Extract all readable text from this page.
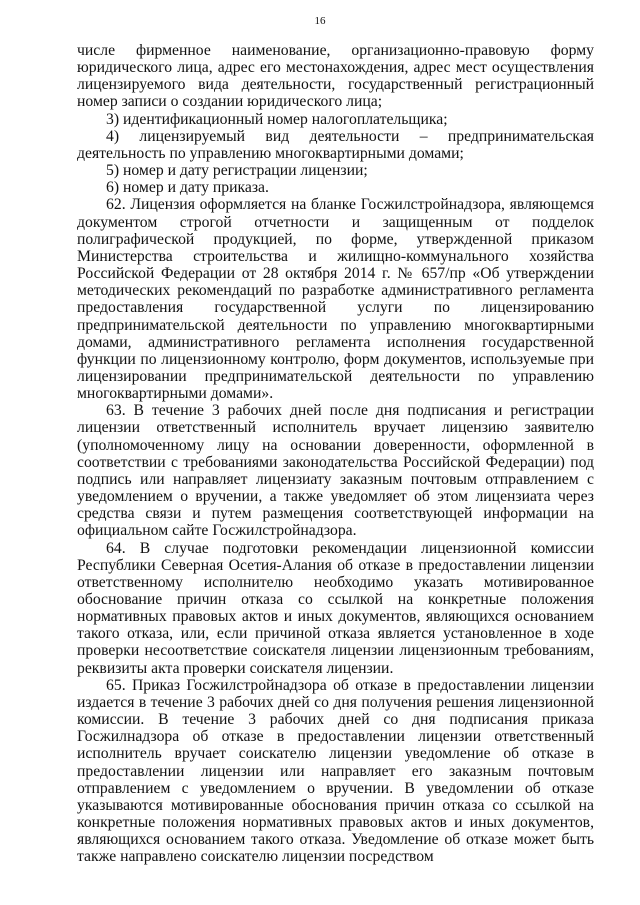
16

числе фирменное наименование, организационно-правовую форму юридического лица, адрес его местонахождения, адрес мест осуществления лицензируемого вида деятельности, государственный регистрационный номер записи о создании юридического лица;

3) идентификационный номер налогоплательщика;

4) лицензируемый вид деятельности – предпринимательская деятельность по управлению многоквартирными домами;

5) номер и дату регистрации лицензии;

6) номер и дату приказа.

62. Лицензия оформляется на бланке Госжилстройнадзора, являющемся документом строгой отчетности и защищенным от подделок полиграфической продукцией, по форме, утвержденной приказом Министерства строительства и жилищно-коммунального хозяйства Российской Федерации от 28 октября 2014 г. № 657/пр «Об утверждении методических рекомендаций по разработке административного регламента предоставления государственной услуги по лицензированию предпринимательской деятельности по управлению многоквартирными домами, административного регламента исполнения государственной функции по лицензионному контролю, форм документов, используемые при лицензировании предпринимательской деятельности по управлению многоквартирными домами».

63. В течение 3 рабочих дней после дня подписания и регистрации лицензии ответственный исполнитель вручает лицензию заявителю (уполномоченному лицу на основании доверенности, оформленной в соответствии с требованиями законодательства Российской Федерации) под подпись или направляет лицензиату заказным почтовым отправлением с уведомлением о вручении, а также уведомляет об этом лицензиата через средства связи и путем размещения соответствующей информации на официальном сайте Госжилстройнадзора.

64. В случае подготовки рекомендации лицензионной комиссии Республики Северная Осетия-Алания об отказе в предоставлении лицензии ответственному исполнителю необходимо указать мотивированное обоснование причин отказа со ссылкой на конкретные положения нормативных правовых актов и иных документов, являющихся основанием такого отказа, или, если причиной отказа является установленное в ходе проверки несоответствие соискателя лицензии лицензионным требованиям, реквизиты акта проверки соискателя лицензии.

65. Приказ Госжилстройнадзора об отказе в предоставлении лицензии издается в течение 3 рабочих дней со дня получения решения лицензионной комиссии. В течение 3 рабочих дней со дня подписания приказа Госжилнадзора об отказе в предоставлении лицензии ответственный исполнитель вручает соискателю лицензии уведомление об отказе в предоставлении лицензии или направляет его заказным почтовым отправлением с уведомлением о вручении. В уведомлении об отказе указываются мотивированные обоснования причин отказа со ссылкой на конкретные положения нормативных правовых актов и иных документов, являющихся основанием такого отказа. Уведомление об отказе может быть также направлено соискателю лицензии посредством
